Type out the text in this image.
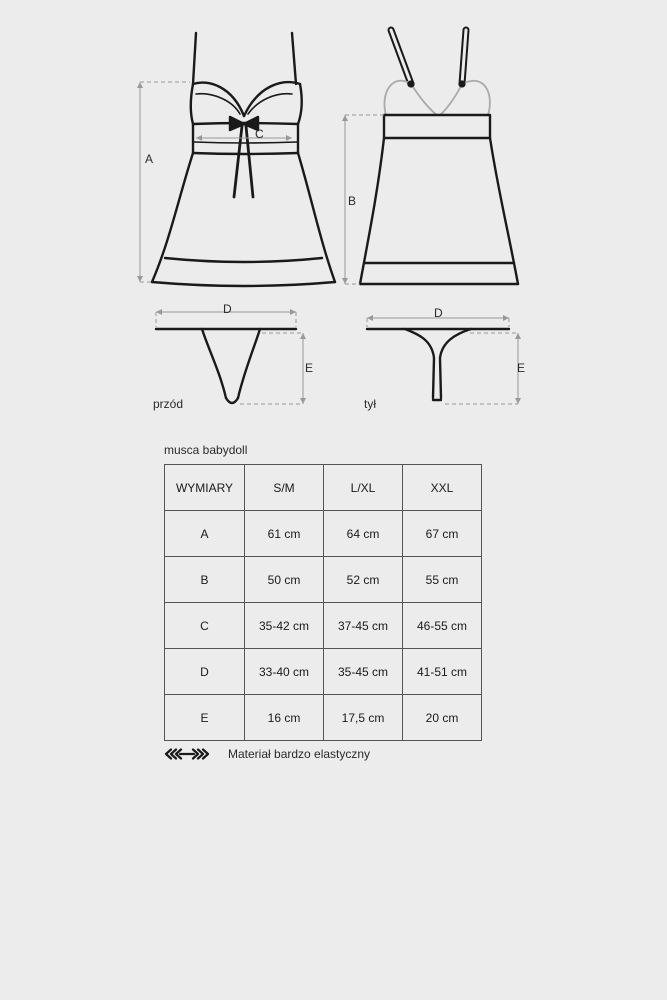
A
B
C
D	D
E	E
przód	tył
musca babydoll
WYMIARY	S/M	L/XL	XXL
A	61 cm	64 cm	67 cm
B	50 cm	52 cm	55 cm
C	35-42 cm	37-45 cm	46-55 cm
D	33-40 cm	35-45 cm	41-51 cm
E	16 cm	17,5 cm	20 cm
Materiał bardzo elastyczny
